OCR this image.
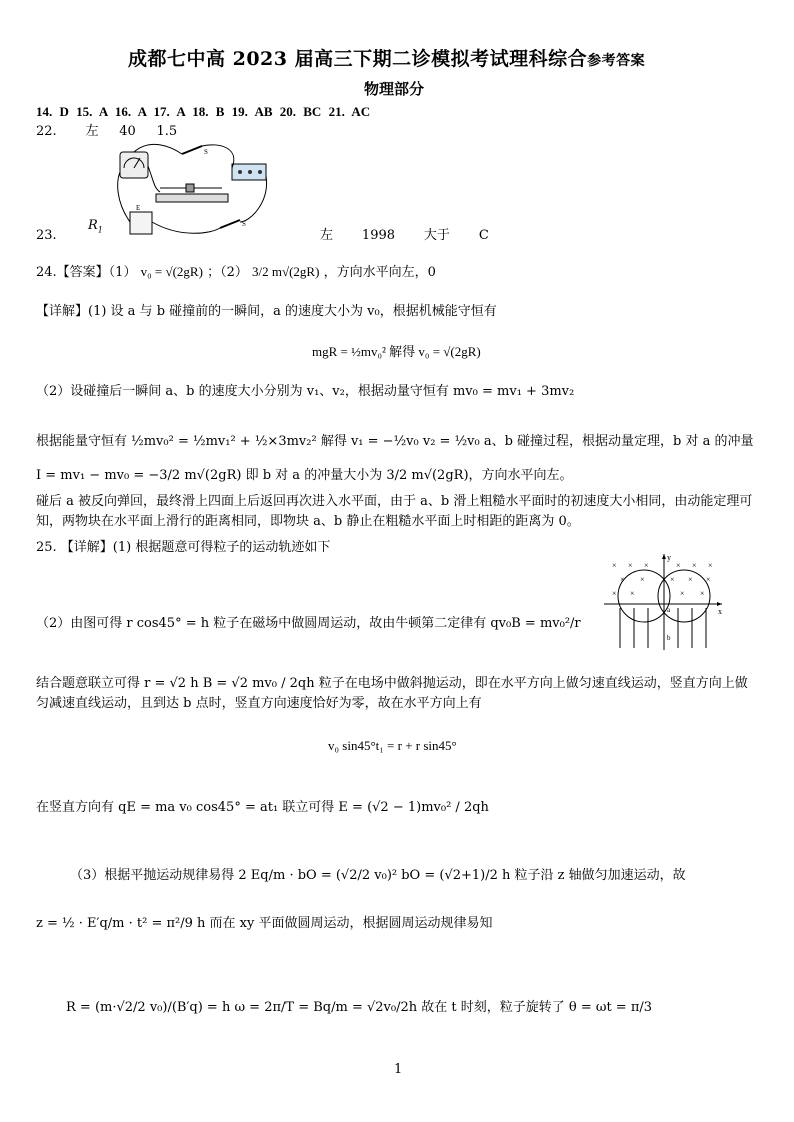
成都七中高 2023 届高三下期二诊模拟考试理科综合参考答案
物理部分
14. D 15. A 16. A 17. A 18. B 19. AB 20. BC 21. AC
22.       左     40     1.5
S
E
S
23.
$R_1$	左       1998       大于       C
24.【答案】（1） v₀ = √(2gR) ；（2） 3/2 m√(2gR) ，方向水平向左，0
【详解】(1) 设 a 与 b 碰撞前的一瞬间，a 的速度大小为 v₀，根据机械能守恒有
mgR = ½mv₀² 解得 v₀ = √(2gR)
（2）设碰撞后一瞬间 a、b 的速度大小分别为 v₁、v₂，根据动量守恒有 mv₀ = mv₁ + 3mv₂
根据能量守恒有 ½mv₀² = ½mv₁² + ½×3mv₂² 解得 v₁ = −½v₀ v₂ = ½v₀ a、b 碰撞过程，根据动量定理，b 对 a 的冲量
I = mv₁ − mv₀ = −3/2 m√(2gR) 即 b 对 a 的冲量大小为 3/2 m√(2gR)，方向水平向左。
碰后 a 被反向弹回，最终滑上四面上后返回再次进入水平面，由于 a、b 滑上粗糙水平面时的初速度大小相同，由动能定理可知，两物块在水平面上滑行的距离相同，即物块 a、b 静止在粗糙水平面上时相距的距离为 0。
25. 【详解】(1) 根据题意可得粒子的运动轨迹如下
x
y
× × ×	× × ×
× ×	× × ×
× ×	× ×
a
b
（2）由图可得 r cos45° = h 粒子在磁场中做圆周运动，故由牛顿第二定律有 qv₀B = mv₀²/r
结合题意联立可得 r = √2 h B = √2 mv₀ / 2qh 粒子在电场中做斜抛运动，即在水平方向上做匀速直线运动，竖直方向上做匀减速直线运动，且到达 b 点时，竖直方向速度恰好为零，故在水平方向上有
v₀ sin45°t₁ = r + r sin45°
在竖直方向有 qE = ma v₀ cos45° = at₁ 联立可得 E = (√2 − 1)mv₀² / 2qh
（3）根据平抛运动规律易得 2 Eq/m · bO = (√2/2 v₀)² bO = (√2+1)/2 h 粒子沿 z 轴做匀加速运动，故
z = ½ · E′q/m · t² = π²/9 h 而在 xy 平面做圆周运动，根据圆周运动规律易知
R = (m·√2/2 v₀)/(B′q) = h ω = 2π/T = Bq/m = √2v₀/2h 故在 t 时刻，粒子旋转了 θ = ωt = π/3
1
